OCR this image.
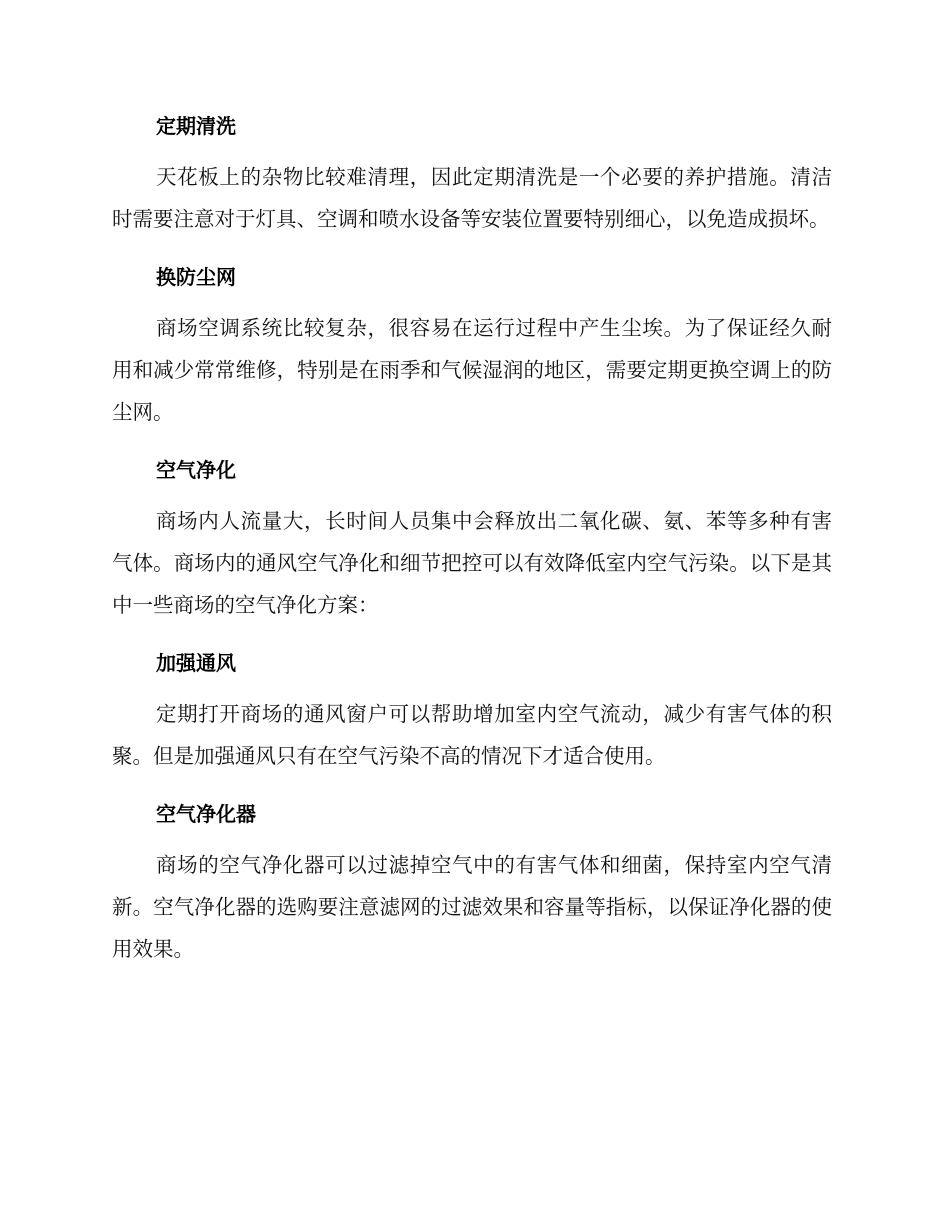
定期清洗

天花板上的杂物比较难清理，因此定期清洗是一个必要的养护措施。清洁时需要注意对于灯具、空调和喷水设备等安装位置要特别细心，以免造成损坏。

换防尘网

商场空调系统比较复杂，很容易在运行过程中产生尘埃。为了保证经久耐用和减少常常维修，特别是在雨季和气候湿润的地区，需要定期更换空调上的防尘网。

空气净化

商场内人流量大，长时间人员集中会释放出二氧化碳、氨、苯等多种有害气体。商场内的通风空气净化和细节把控可以有效降低室内空气污染。以下是其中一些商场的空气净化方案：

加强通风

定期打开商场的通风窗户可以帮助增加室内空气流动，减少有害气体的积聚。但是加强通风只有在空气污染不高的情况下才适合使用。

空气净化器

商场的空气净化器可以过滤掉空气中的有害气体和细菌，保持室内空气清新。空气净化器的选购要注意滤网的过滤效果和容量等指标，以保证净化器的使用效果。
